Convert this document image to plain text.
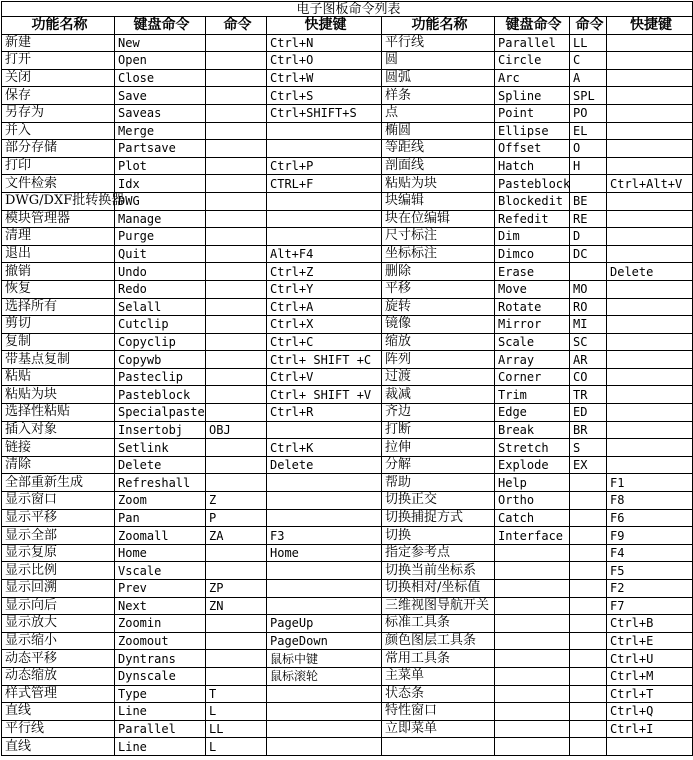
电子图板命令列表							
功能名称	键盘命令	命令	快捷键	功能名称	键盘命令	命令	快捷键
新建	New		Ctrl+N	平行线	Parallel	LL	
打开	Open		Ctrl+O	圆	Circle	C	
关闭	Close		Ctrl+W	圆弧	Arc	A	
保存	Save		Ctrl+S	样条	Spline	SPL	
另存为	Saveas		Ctrl+SHIFT+S	点	Point	PO	
并入	Merge			椭圆	Ellipse	EL	
部分存储	Partsave			等距线	Offset	O	
打印	Plot		Ctrl+P	剖面线	Hatch	H	
文件检索	Idx		CTRL+F	粘贴为块	Pasteblock		Ctrl+Alt+V
DWG/DXF批转换器	DWG			块编辑	Blockedit	BE	
模块管理器	Manage			块在位编辑	Refedit	RE	
清理	Purge			尺寸标注	Dim	D	
退出	Quit		Alt+F4	坐标标注	Dimco	DC	
撤销	Undo		Ctrl+Z	删除	Erase		Delete
恢复	Redo		Ctrl+Y	平移	Move	MO	
选择所有	Selall		Ctrl+A	旋转	Rotate	RO	
剪切	Cutclip		Ctrl+X	镜像	Mirror	MI	
复制	Copyclip		Ctrl+C	缩放	Scale	SC	
带基点复制	Copywb		Ctrl+ SHIFT +C	阵列	Array	AR	
粘贴	Pasteclip		Ctrl+V	过渡	Corner	CO	
粘贴为块	Pasteblock		Ctrl+ SHIFT +V	裁减	Trim	TR	
选择性粘贴	Specialpaste		Ctrl+R	齐边	Edge	ED	
插入对象	Insertobj	OBJ		打断	Break	BR	
链接	Setlink		Ctrl+K	拉伸	Stretch	S	
清除	Delete		Delete	分解	Explode	EX	
全部重新生成	Refreshall			帮助	Help		F1
显示窗口	Zoom	Z		切换正交	Ortho		F8
显示平移	Pan	P		切换捕捉方式	Catch		F6
显示全部	Zoomall	ZA	F3	切换	Interface		F9
显示复原	Home		Home	指定参考点			F4
显示比例	Vscale			切换当前坐标系			F5
显示回溯	Prev	ZP		切换相对/坐标值			F2
显示向后	Next	ZN		三维视图导航开关			F7
显示放大	Zoomin		PageUp	标准工具条			Ctrl+B
显示缩小	Zoomout		PageDown	颜色图层工具条			Ctrl+E
动态平移	Dyntrans		鼠标中键	常用工具条			Ctrl+U
动态缩放	Dynscale		鼠标滚轮	主菜单			Ctrl+M
样式管理	Type	T		状态条			Ctrl+T
直线	Line	L		特性窗口			Ctrl+Q
平行线	Parallel	LL		立即菜单			Ctrl+I
直线	Line	L					
